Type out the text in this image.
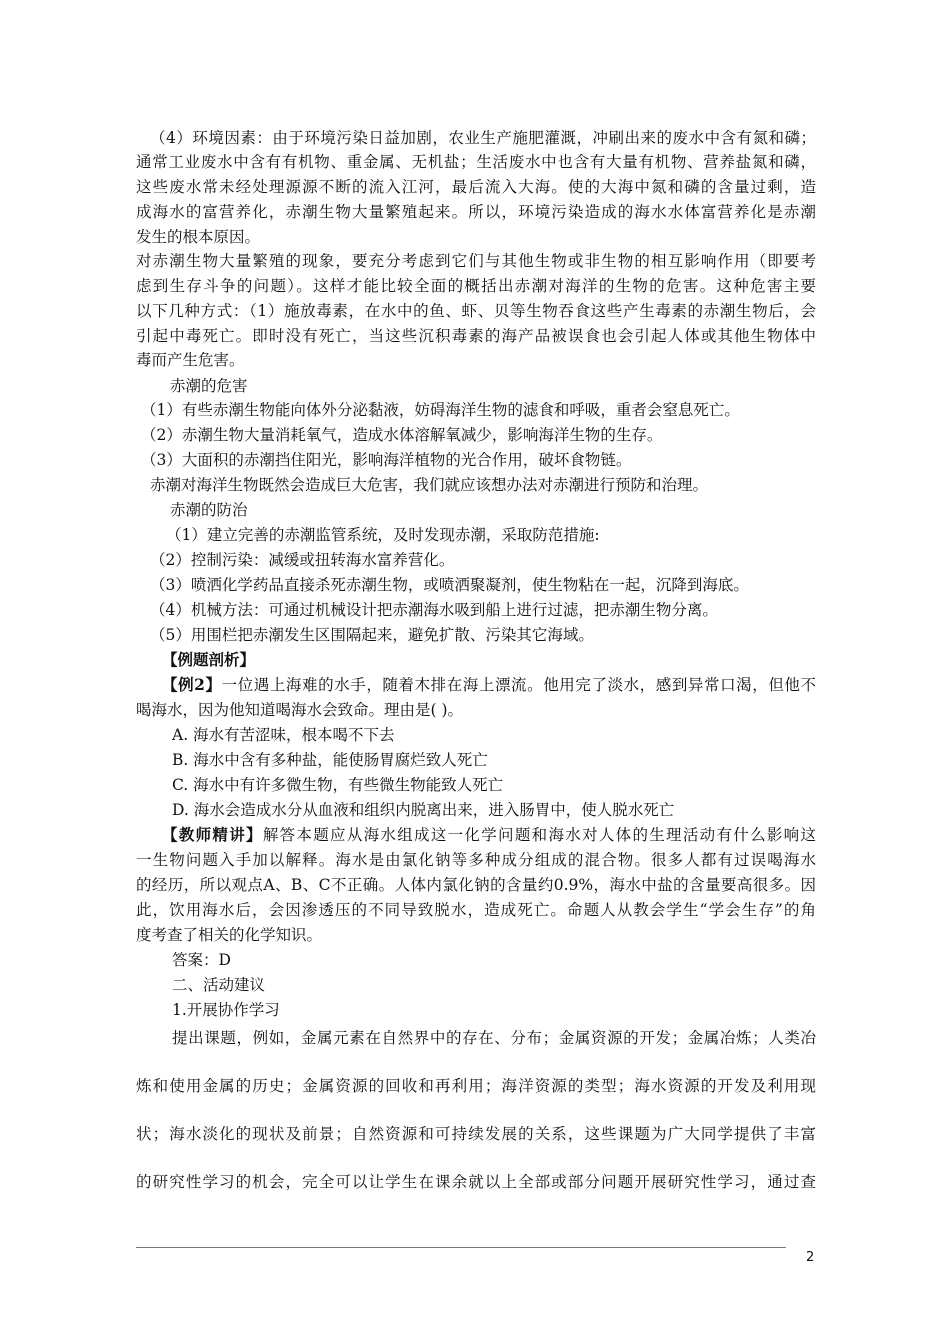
（4）环境因素：由于环境污染日益加剧，农业生产施肥灌溉，冲刷出来的废水中含有氮和磷；
通常工业废水中含有有机物、重金属、无机盐；生活废水中也含有大量有机物、营养盐氮和磷，
这些废水常未经处理源源不断的流入江河，最后流入大海。使的大海中氮和磷的含量过剩，造
成海水的富营养化，赤潮生物大量繁殖起来。所以，环境污染造成的海水水体富营养化是赤潮
发生的根本原因。
对赤潮生物大量繁殖的现象，要充分考虑到它们与其他生物或非生物的相互影响作用（即要考
虑到生存斗争的问题）。这样才能比较全面的概括出赤潮对海洋的生物的危害。这种危害主要
以下几种方式：（1）施放毒素，在水中的鱼、虾、贝等生物吞食这些产生毒素的赤潮生物后，会
引起中毒死亡。即时没有死亡，当这些沉积毒素的海产品被误食也会引起人体或其他生物体中
毒而产生危害。
赤潮的危害
（1）有些赤潮生物能向体外分泌黏液，妨碍海洋生物的滤食和呼吸，重者会窒息死亡。
（2）赤潮生物大量消耗氧气，造成水体溶解氧减少，影响海洋生物的生存。
（3）大面积的赤潮挡住阳光，影响海洋植物的光合作用，破坏食物链。
赤潮对海洋生物既然会造成巨大危害，我们就应该想办法对赤潮进行预防和治理。
赤潮的防治
（1）建立完善的赤潮监管系统，及时发现赤潮，采取防范措施:
（2）控制污染：减缓或扭转海水富养营化。
（3）喷洒化学药品直接杀死赤潮生物，或喷洒聚凝剂，使生物粘在一起，沉降到海底。
（4）机械方法：可通过机械设计把赤潮海水吸到船上进行过滤，把赤潮生物分离。
（5）用围栏把赤潮发生区围隔起来，避免扩散、污染其它海域。
【例题剖析】
【例2】一位遇上海难的水手，随着木排在海上漂流。他用完了淡水，感到异常口渴，但他不
喝海水，因为他知道喝海水会致命。理由是( )。
A. 海水有苦涩味，根本喝不下去
B. 海水中含有多种盐，能使肠胃腐烂致人死亡
C. 海水中有许多微生物，有些微生物能致人死亡
D. 海水会造成水分从血液和组织内脱离出来，进入肠胃中，使人脱水死亡
【教师精讲】解答本题应从海水组成这一化学问题和海水对人体的生理活动有什么影响这
一生物问题入手加以解释。海水是由氯化钠等多种成分组成的混合物。很多人都有过误喝海水
的经历，所以观点A、B、C不正确。人体内氯化钠的含量约0.9%，海水中盐的含量要高很多。因
此，饮用海水后，会因渗透压的不同导致脱水，造成死亡。命题人从教会学生“学会生存”的角
度考查了相关的化学知识。
答案：D
二、活动建议
1.开展协作学习
提出课题，例如，金属元素在自然界中的存在、分布；金属资源的开发；金属冶炼；人类冶
炼和使用金属的历史；金属资源的回收和再利用；海洋资源的类型；海水资源的开发及利用现
状；海水淡化的现状及前景；自然资源和可持续发展的关系，这些课题为广大同学提供了丰富
的研究性学习的机会，完全可以让学生在课余就以上全部或部分问题开展研究性学习，通过查
2
